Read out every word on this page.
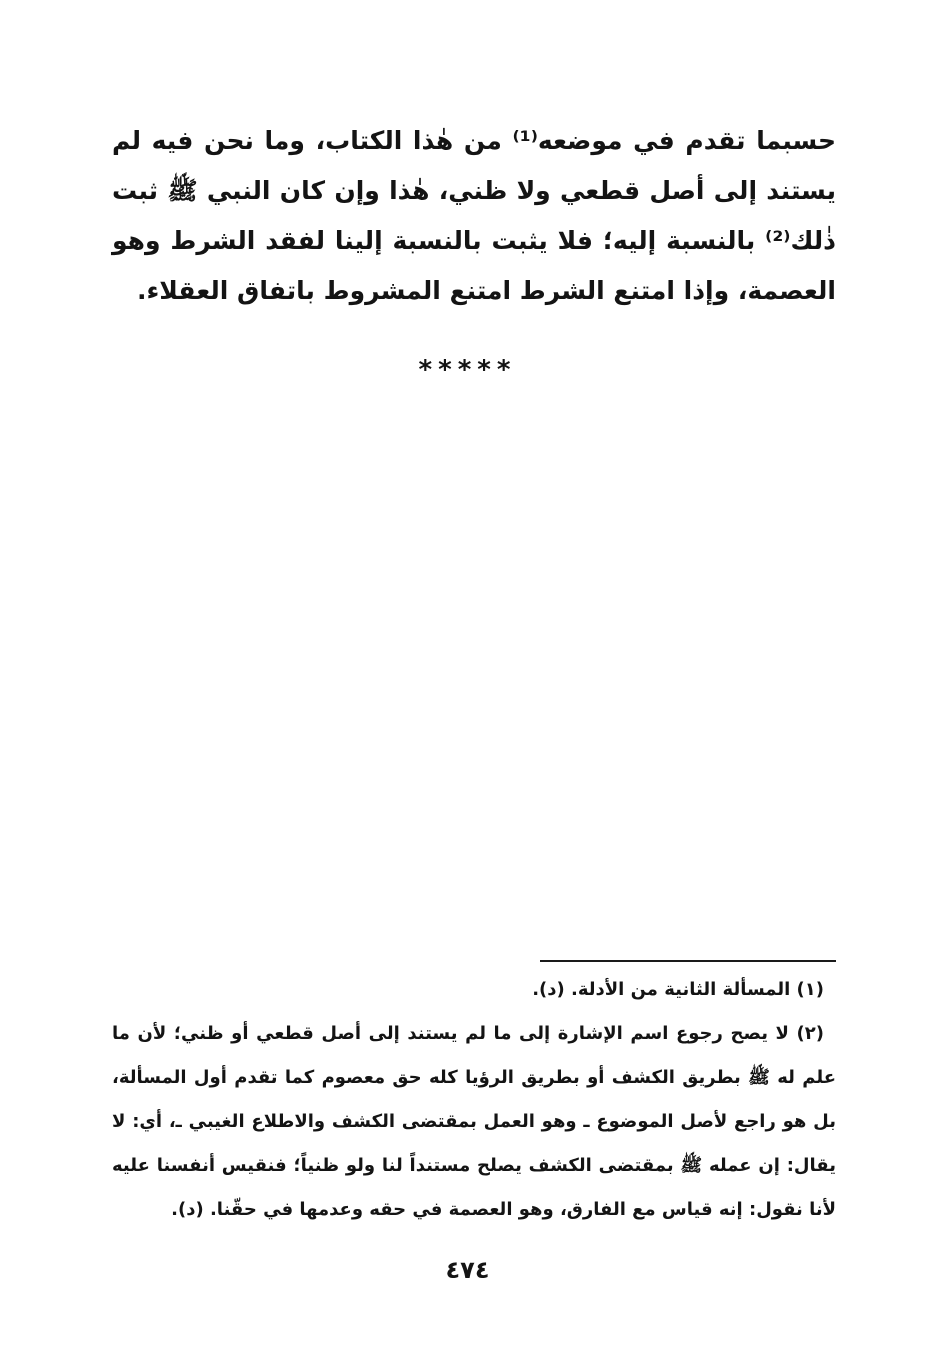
حسبما تقدم في موضعه⁽¹⁾ من هٰذا الكتاب، وما نحن فيه لم يستند إلى أصل قطعي ولا ظني، هٰذا وإن كان النبي ﷺ ثبت ذٰلك⁽²⁾ بالنسبة إليه؛ فلا يثبت بالنسبة إلينا لفقد الشرط وهو العصمة، وإذا امتنع الشرط امتنع المشروط باتفاق العقلاء.

*****

(١) المسألة الثانية من الأدلة. (د).

(٢) لا يصح رجوع اسم الإشارة إلى ما لم يستند إلى أصل قطعي أو ظني؛ لأن ما علم له ﷺ بطريق الكشف أو بطريق الرؤيا كله حق معصوم كما تقدم أول المسألة، بل هو راجع لأصل الموضوع ـ وهو العمل بمقتضى الكشف والاطلاع الغيبي ـ، أي: لا يقال: إن عمله ﷺ بمقتضى الكشف يصلح مستنداً لنا ولو ظنياً؛ فنقيس أنفسنا عليه لأنا نقول: إنه قياس مع الفارق، وهو العصمة في حقه وعدمها في حقّنا. (د).

٤٧٤
